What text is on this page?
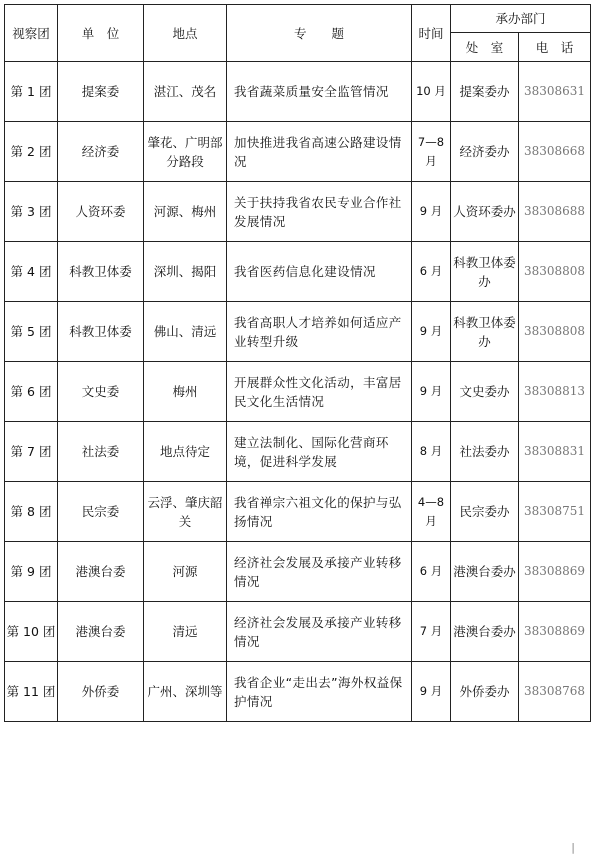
视察团	单　位	地点	专　　题	时间	承办部门	
					处　室	电　话
第 1 团	提案委	湛江、茂名	我省蔬菜质量安全监管情况	10 月	提案委办	38308631
第 2 团	经济委	肇花、广明部分路段	加快推进我省高速公路建设情况	7—8 月	经济委办	38308668
第 3 团	人资环委	河源、梅州	关于扶持我省农民专业合作社发展情况	9 月	人资环委办	38308688
第 4 团	科教卫体委	深圳、揭阳	我省医药信息化建设情况	6 月	科教卫体委办	38308808
第 5 团	科教卫体委	佛山、清远	我省高职人才培养如何适应产业转型升级	9 月	科教卫体委办	38308808
第 6 团	文史委	梅州	开展群众性文化活动，丰富居民文化生活情况	9 月	文史委办	38308813
第 7 团	社法委	地点待定	建立法制化、国际化营商环境，促进科学发展	8 月	社法委办	38308831
第 8 团	民宗委	云浮、肇庆韶关	我省禅宗六祖文化的保护与弘扬情况	4—8 月	民宗委办	38308751
第 9 团	港澳台委	河源	经济社会发展及承接产业转移情况	6 月	港澳台委办	38308869
第 10 团	港澳台委	清远	经济社会发展及承接产业转移情况	7 月	港澳台委办	38308869
第 11 团	外侨委	广州、深圳等	我省企业“走出去”海外权益保护情况	9 月	外侨委办	38308768
|
